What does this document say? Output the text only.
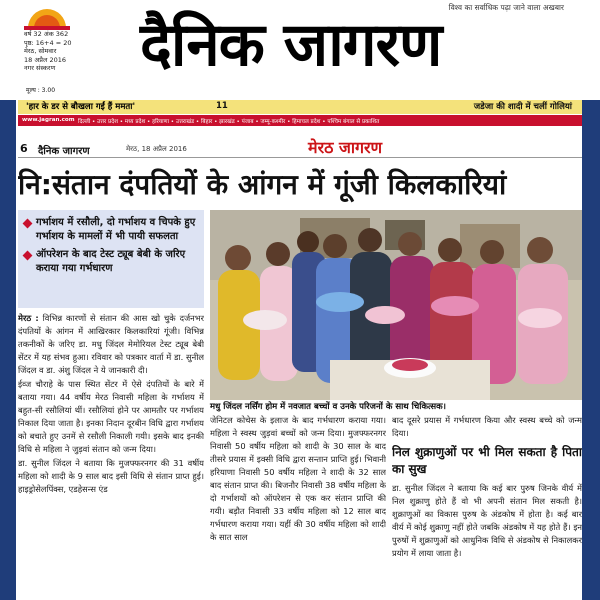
वर्ष 32 अंक 362
पृष्ठ: 16+4 = 20
मेरठ, सोमवार
18 अप्रैल 2016
नगर संस्करण
विश्व का सर्वाधिक पढ़ा जाने वाला अखबार
दैनिक जागरण
मूल्य : 3.00
'हार के डर से बौखला गईं हैं ममता'	11	जडेजा की शादी में चलीं गोलियां
www.jagran.com दिल्ली • उत्तर प्रदेश • मध्य प्रदेश • हरियाणा • उत्तराखंड • बिहार • झारखंड • पंजाब • जम्मू-कश्मीर • हिमाचल प्रदेश • पश्चिम बंगाल से प्रकाशित
6 दैनिक जागरण	मेरठ, 18 अप्रैल 2016	मेरठ जागरण
नि:संतान दंपतियों के आंगन में गूंजी किलकारियां
गर्भाशय में रसौली, दो गर्भाशय व चिपके हुए गर्भाशय के मामलों में भी पायी सफलता
ऑपरेशन के बाद टेस्ट ट्यूब बेबी के जरिए कराया गया गर्भधारण
मधु जिंदल नर्सिंग होम में नवजात बच्चों व उनके परिजनों के साथ चिकित्सक।

मेरठ : विभिन्न कारणों से संतान की आस खो चुके दर्जनभर दंपतियों के आंगन में आखिरकार किलकारियां गूंजी। विभिन्न तकनीकों के जरिए डा. मधु जिंदल मेमोरियल टेस्ट ट्यूब बेबी सेंटर में यह संभव हुआ। रविवार को पत्रकार वार्ता में डा. सुनील जिंदल व डा. अंशु जिंदल ने ये जानकारी दी।

ईव्ज चौराहे के पास स्थित सेंटर में ऐसे दंपतियों के बारे में बताया गया। 44 वर्षीय मेरठ निवासी महिला के गर्भाशय में बहुत-सी रसौलियां थीं। रसौलियां होने पर आमतौर पर गर्भाशय निकाल दिया जाता है। इनका निदान दूरबीन विधि द्वारा गर्भाशय को बचाते हुए उनमें से रसौली निकाली गयी। इसके बाद इनकी विधि से महिला ने जुड़वां संतान को जन्म दिया।

डा. सुनील जिंदल ने बताया कि मुजफ्फरनगर की 31 वर्षीय महिला को शादी के 9 साल बाद इसी विधि से संतान प्राप्त हुई। हाइड्रोसेलपिंक्स, एडहेसन्स एंड

जेनिटल कोचेस के इलाज के बाद गर्भधारण कराया गया। महिला ने स्वस्थ जुड़वां बच्चों को जन्म दिया। मुजफ्फरनगर निवासी 50 वर्षीय महिला को शादी के 30 साल के बाद तीसरे प्रयास में इक्सी विधि द्वारा सन्तान प्राप्ति हुई। भिवानी हरियाणा निवासी 50 वर्षीय महिला ने शादी के 32 साल बाद संतान प्राप्त की। बिजनौर निवासी 38 वर्षीय महिला के दो गर्भाशयों को ऑपरेशन से एक कर संतान प्राप्ति की गयी। बड़ौत निवासी 33 वर्षीय महिला को 12 साल बाद गर्भधारण कराया गया। यहीं की 30 वर्षीय महिला को शादी के सात साल

बाद दूसरे प्रयास में गर्भधारण किया और स्वस्थ बच्चे को जन्म दिया।

निल शुक्राणुओं पर भी मिल सकता है पिता का सुख

डा. सुनील जिंदल ने बताया कि कई बार पुरुष जिनके वीर्य में निल शुक्राणु होते हैं वो भी अपनी संतान मिल सकती है। शुक्राणुओं का विकास पुरुष के अंडकोष में होता है। कई बार वीर्य में कोई शुक्राणु नहीं होते जबकि अंडकोष में यह होते हैं। इन पुरुषों में शुक्राणुओं को आधुनिक विधि से अंडकोष से निकालकर प्रयोग में लाया जाता है।
